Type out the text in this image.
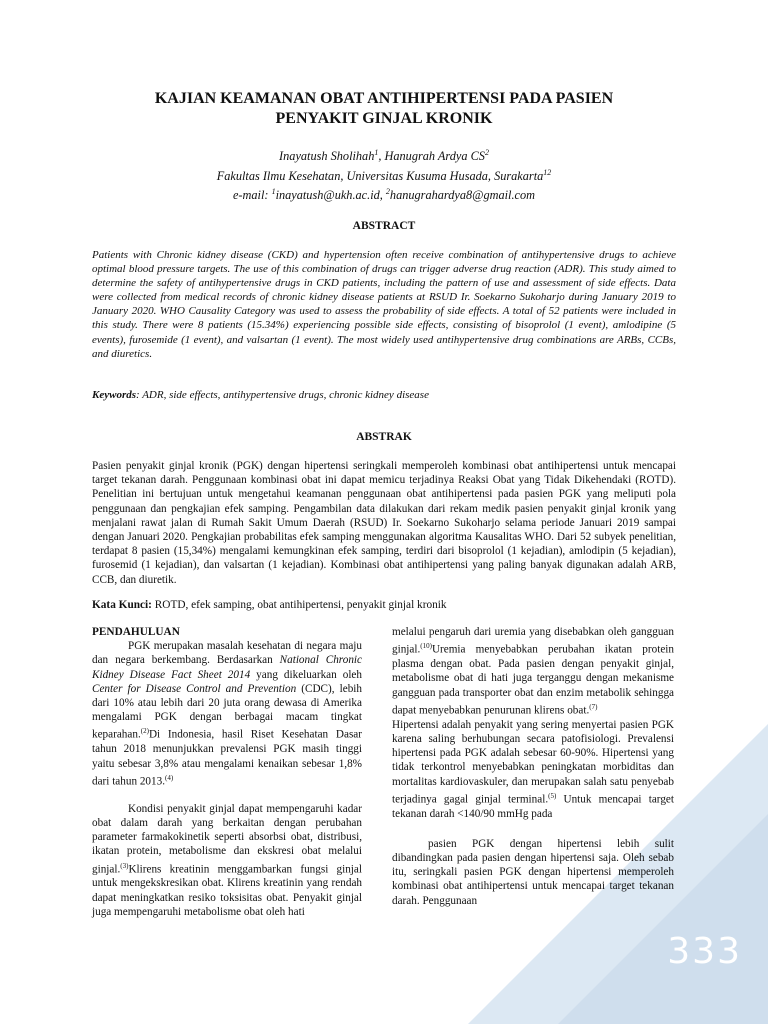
333
KAJIAN KEAMANAN OBAT ANTIHIPERTENSI PADA PASIEN
PENYAKIT GINJAL KRONIK
Inayatush Sholihah$^1$, Hanugrah Ardya $CS^2$
Fakultas Ilmu Kesehatan, Universitas Kusuma Husada, Surakarta$^{12}$
e-mail: $^1$inayatush@ukh.ac.id, $^2$hanugrahardya8@gmail.com
ABSTRACT

Patients with Chronic kidney disease (CKD) and hypertension often receive combination of antihypertensive drugs to achieve optimal blood pressure targets. The use of this combination of drugs can trigger adverse drug reaction (ADR). This study aimed to determine the safety of antihypertensive drugs in CKD patients, including the pattern of use and assessment of side effects. Data were collected from medical records of chronic kidney disease patients at RSUD Ir. Soekarno Sukoharjo during January 2019 to January 2020. WHO Causality Category was used to assess the probability of side effects. A total of 52 patients were included in this study. There were 8 patients (15.34%) experiencing possible side effects, consisting of bisoprolol (1 event), amlodipine (5 events), furosemide (1 event), and valsartan (1 event). The most widely used antihypertensive drug combinations are ARBs, CCBs, and diuretics.

Keywords: ADR, side effects, antihypertensive drugs, chronic kidney disease

ABSTRAK

Pasien penyakit ginjal kronik (PGK) dengan hipertensi seringkali memperoleh kombinasi obat antihipertensi untuk mencapai target tekanan darah. Penggunaan kombinasi obat ini dapat memicu terjadinya Reaksi Obat yang Tidak Dikehendaki (ROTD). Penelitian ini bertujuan untuk mengetahui keamanan penggunaan obat antihipertensi pada pasien PGK yang meliputi pola penggunaan dan pengkajian efek samping. Pengambilan data dilakukan dari rekam medik pasien penyakit ginjal kronik yang menjalani rawat jalan di Rumah Sakit Umum Daerah (RSUD) Ir. Soekarno Sukoharjo selama periode Januari 2019 sampai dengan Januari 2020. Pengkajian probabilitas efek samping menggunakan algoritma Kausalitas WHO. Dari 52 subyek penelitian, terdapat 8 pasien (15,34%) mengalami kemungkinan efek samping, terdiri dari bisoprolol (1 kejadian), amlodipin (5 kejadian), furosemid (1 kejadian), dan valsartan (1 kejadian). Kombinasi obat antihipertensi yang paling banyak digunakan adalah ARB, CCB, dan diuretik.

Kata Kunci: ROTD, efek samping, obat antihipertensi, penyakit ginjal kronik

PENDAHULUAN

PGK merupakan masalah kesehatan di negara maju dan negara berkembang. Berdasarkan National Chronic Kidney Disease Fact Sheet 2014 yang dikeluarkan oleh Center for Disease Control and Prevention (CDC), lebih dari 10% atau lebih dari 20 juta orang dewasa di Amerika mengalami PGK dengan berbagai macam tingkat keparahan.$^{(2)}$Di Indonesia, hasil Riset Kesehatan Dasar tahun 2018 menunjukkan prevalensi PGK masih tinggi yaitu sebesar 3,8% atau mengalami kenaikan sebesar 1,8% dari tahun 2013.$^{(4)}$

Kondisi penyakit ginjal dapat mempengaruhi kadar obat dalam darah yang berkaitan dengan perubahan parameter farmakokinetik seperti absorbsi obat, distribusi, ikatan protein, metabolisme dan ekskresi obat melalui ginjal.$^{(3)}$Klirens kreatinin menggambarkan fungsi ginjal untuk mengekskresikan obat. Klirens kreatinin yang rendah dapat meningkatkan resiko toksisitas obat. Penyakit ginjal juga mempengaruhi metabolisme obat oleh hati

melalui pengaruh dari uremia yang disebabkan oleh gangguan ginjal.$^{(10)}$Uremia menyebabkan perubahan ikatan protein plasma dengan obat. Pada pasien dengan penyakit ginjal, metabolisme obat di hati juga terganggu dengan mekanisme gangguan pada transporter obat dan enzim metabolik sehingga dapat menyebabkan penurunan klirens obat.$^{(7)}$

Hipertensi adalah penyakit yang sering menyertai pasien PGK karena saling berhubungan secara patofisiologi. Prevalensi hipertensi pada PGK adalah sebesar 60-90%. Hipertensi yang tidak terkontrol menyebabkan peningkatan morbiditas dan mortalitas kardiovaskuler, dan merupakan salah satu penyebab terjadinya gagal ginjal terminal.$^{(5)}$ Untuk mencapai target tekanan darah <140/90 mmHg pada

pasien PGK dengan hipertensi lebih sulit dibandingkan pada pasien dengan hipertensi saja. Oleh sebab itu, seringkali pasien PGK dengan hipertensi memperoleh kombinasi obat antihipertensi untuk mencapai target tekanan darah. Penggunaan
